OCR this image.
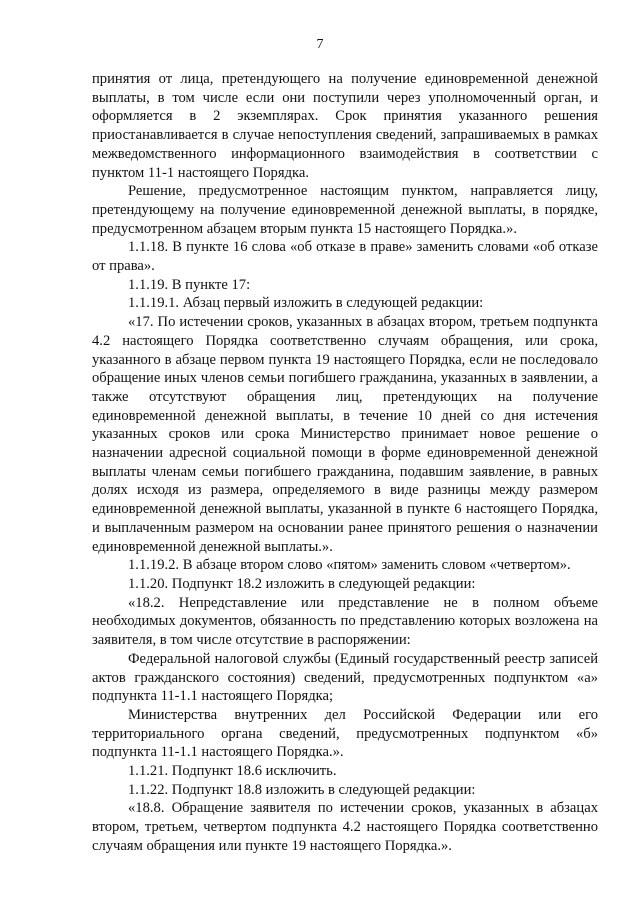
7

принятия от лица, претендующего на получение единовременной денежной выплаты, в том числе если они поступили через уполномоченный орган, и оформляется в 2 экземплярах. Срок принятия указанного решения приостанавливается в случае непоступления сведений, запрашиваемых в рамках межведомственного информационного взаимодействия в соответствии с пунктом 11-1 настоящего Порядка.

Решение, предусмотренное настоящим пунктом, направляется лицу, претендующему на получение единовременной денежной выплаты, в порядке, предусмотренном абзацем вторым пункта 15 настоящего Порядка.».

1.1.18. В пункте 16 слова «об отказе в праве» заменить словами «об отказе от права».

1.1.19. В пункте 17:

1.1.19.1. Абзац первый изложить в следующей редакции:

«17. По истечении сроков, указанных в абзацах втором, третьем подпункта 4.2 настоящего Порядка соответственно случаям обращения, или срока, указанного в абзаце первом пункта 19 настоящего Порядка, если не последовало обращение иных членов семьи погибшего гражданина, указанных в заявлении, а также отсутствуют обращения лиц, претендующих на получение единовременной денежной выплаты, в течение 10 дней со дня истечения указанных сроков или срока Министерство принимает новое решение о назначении адресной социальной помощи в форме единовременной денежной выплаты членам семьи погибшего гражданина, подавшим заявление, в равных долях исходя из размера, определяемого в виде разницы между размером единовременной денежной выплаты, указанной в пункте 6 настоящего Порядка, и выплаченным размером на основании ранее принятого решения о назначении единовременной денежной выплаты.».

1.1.19.2. В абзаце втором слово «пятом» заменить словом «четвертом».

1.1.20. Подпункт 18.2 изложить в следующей редакции:

«18.2. Непредставление или представление не в полном объеме необходимых документов, обязанность по представлению которых возложена на заявителя, в том числе отсутствие в распоряжении:

Федеральной налоговой службы (Единый государственный реестр записей актов гражданского состояния) сведений, предусмотренных подпунктом «а» подпункта 11-1.1 настоящего Порядка;

Министерства внутренних дел Российской Федерации или его территориального органа сведений, предусмотренных подпунктом «б» подпункта 11-1.1 настоящего Порядка.».

1.1.21. Подпункт 18.6 исключить.

1.1.22. Подпункт 18.8 изложить в следующей редакции:

«18.8. Обращение заявителя по истечении сроков, указанных в абзацах втором, третьем, четвертом подпункта 4.2 настоящего Порядка соответственно случаям обращения или пункте 19 настоящего Порядка.».
